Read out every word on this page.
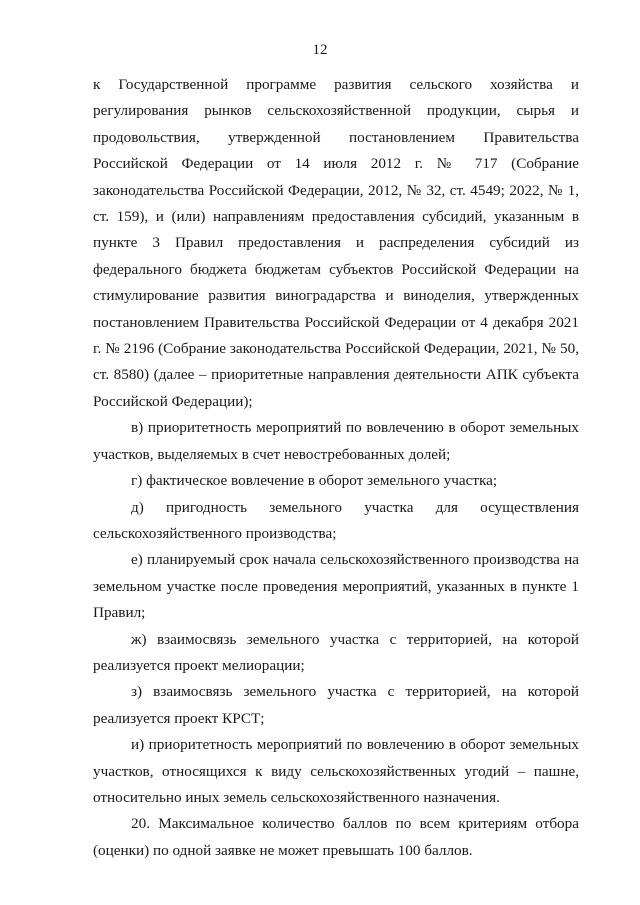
12

к Государственной программе развития сельского хозяйства и регулирования рынков сельскохозяйственной продукции, сырья и продовольствия, утвержденной постановлением Правительства Российской Федерации от 14 июля 2012 г. № 717 (Собрание законодательства Российской Федерации, 2012, № 32, ст. 4549; 2022, № 1, ст. 159), и (или) направлениям предоставления субсидий, указанным в пункте 3 Правил предоставления и распределения субсидий из федерального бюджета бюджетам субъектов Российской Федерации на стимулирование развития виноградарства и виноделия, утвержденных постановлением Правительства Российской Федерации от 4 декабря 2021 г. № 2196 (Собрание законодательства Российской Федерации, 2021, № 50, ст. 8580) (далее – приоритетные направления деятельности АПК субъекта Российской Федерации);

в) приоритетность мероприятий по вовлечению в оборот земельных участков, выделяемых в счет невостребованных долей;

г) фактическое вовлечение в оборот земельного участка;

д) пригодность земельного участка для осуществления сельскохозяйственного производства;

е) планируемый срок начала сельскохозяйственного производства на земельном участке после проведения мероприятий, указанных в пункте 1 Правил;

ж) взаимосвязь земельного участка с территорией, на которой реализуется проект мелиорации;

з) взаимосвязь земельного участка с территорией, на которой реализуется проект КРСТ;

и) приоритетность мероприятий по вовлечению в оборот земельных участков, относящихся к виду сельскохозяйственных угодий – пашне, относительно иных земель сельскохозяйственного назначения.

20. Максимальное количество баллов по всем критериям отбора (оценки) по одной заявке не может превышать 100 баллов.
